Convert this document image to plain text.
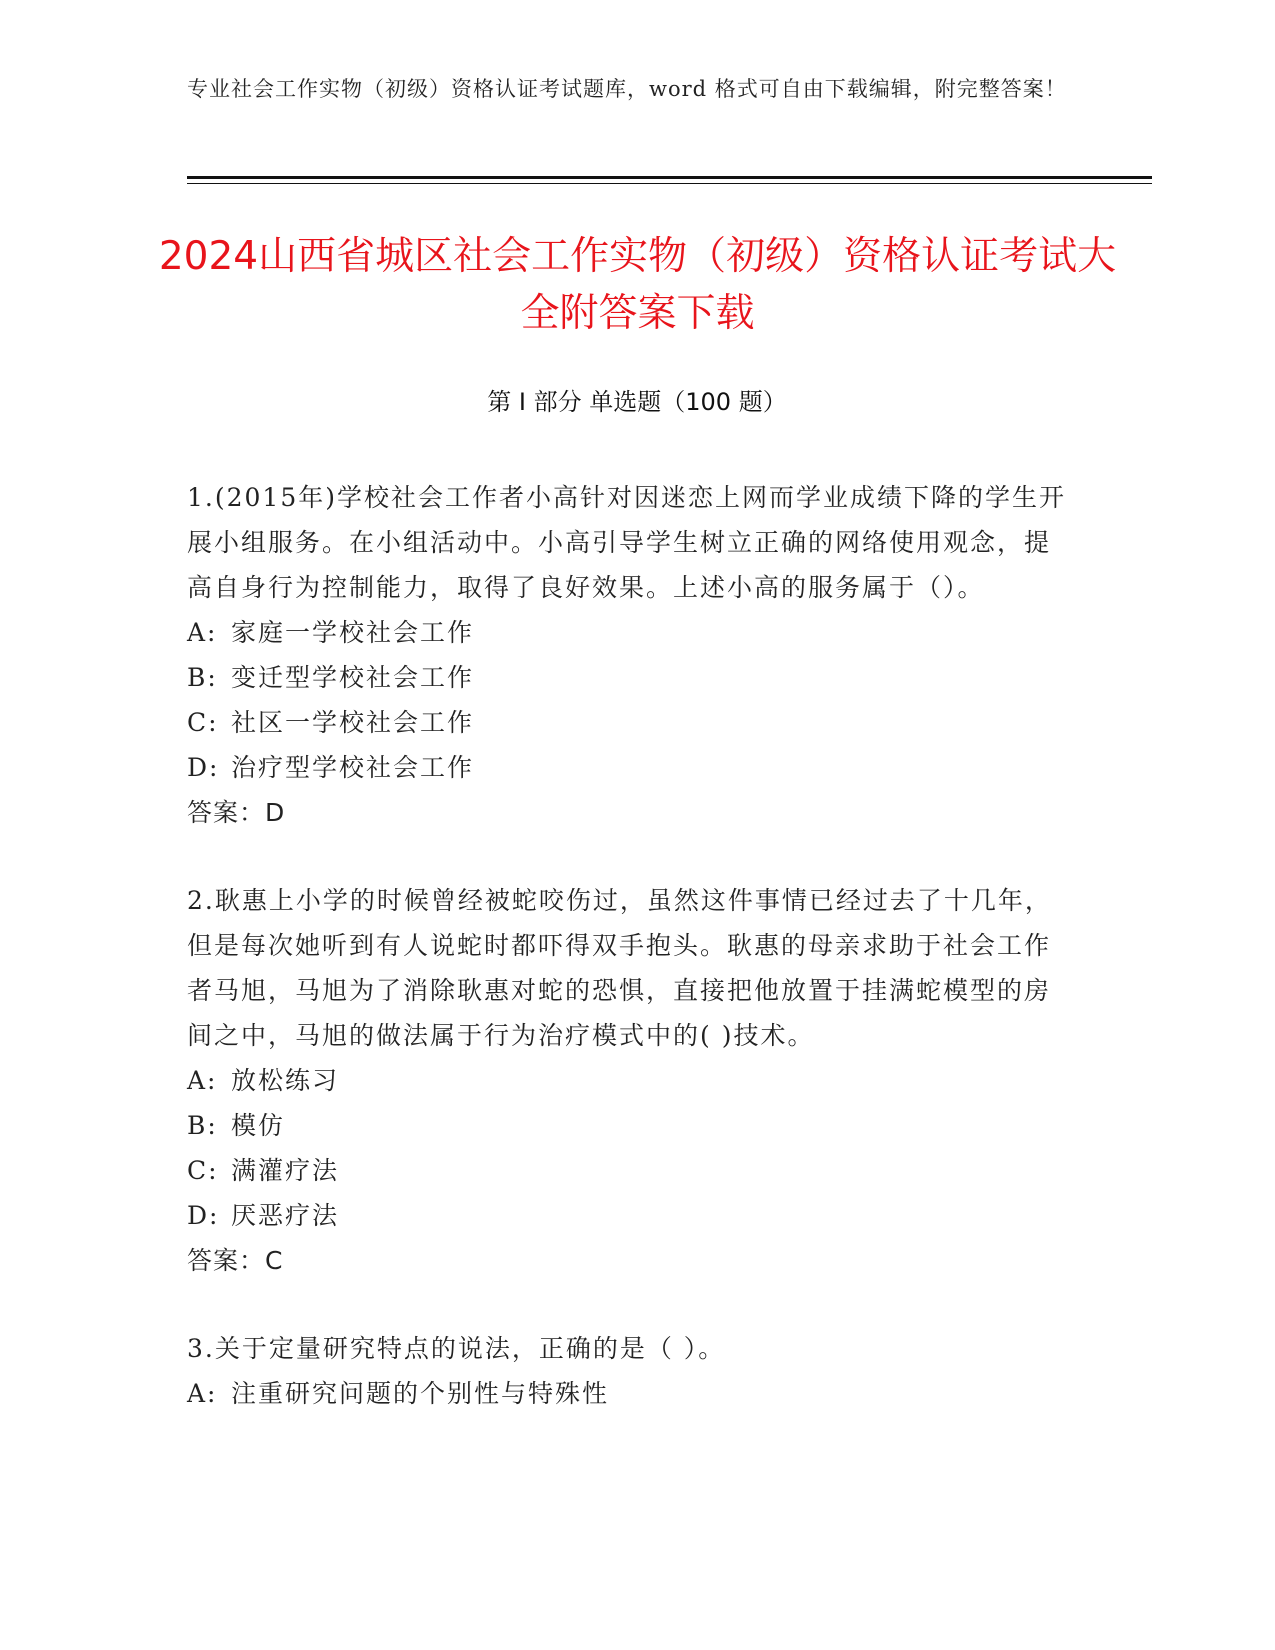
专业社会工作实物（初级）资格认证考试题库，word 格式可自由下载编辑，附完整答案！
2024山西省城区社会工作实物（初级）资格认证考试大全附答案下载
第 I 部分 单选题（100 题）

1.(2015年)学校社会工作者小高针对因迷恋上网而学业成绩下降的学生开展小组服务。在小组活动中。小高引导学生树立正确的网络使用观念，提高自身行为控制能力，取得了良好效果。上述小高的服务属于（）。

A: 家庭一学校社会工作

B: 变迁型学校社会工作

C: 社区一学校社会工作

D: 治疗型学校社会工作

答案：D

2.耿惠上小学的时候曾经被蛇咬伤过，虽然这件事情已经过去了十几年，但是每次她听到有人说蛇时都吓得双手抱头。耿惠的母亲求助于社会工作者马旭，马旭为了消除耿惠对蛇的恐惧，直接把他放置于挂满蛇模型的房间之中，马旭的做法属于行为治疗模式中的( )技术。

A: 放松练习

B: 模仿

C: 满灌疗法

D: 厌恶疗法

答案：C

3.关于定量研究特点的说法，正确的是（ ）。

A: 注重研究问题的个别性与特殊性
